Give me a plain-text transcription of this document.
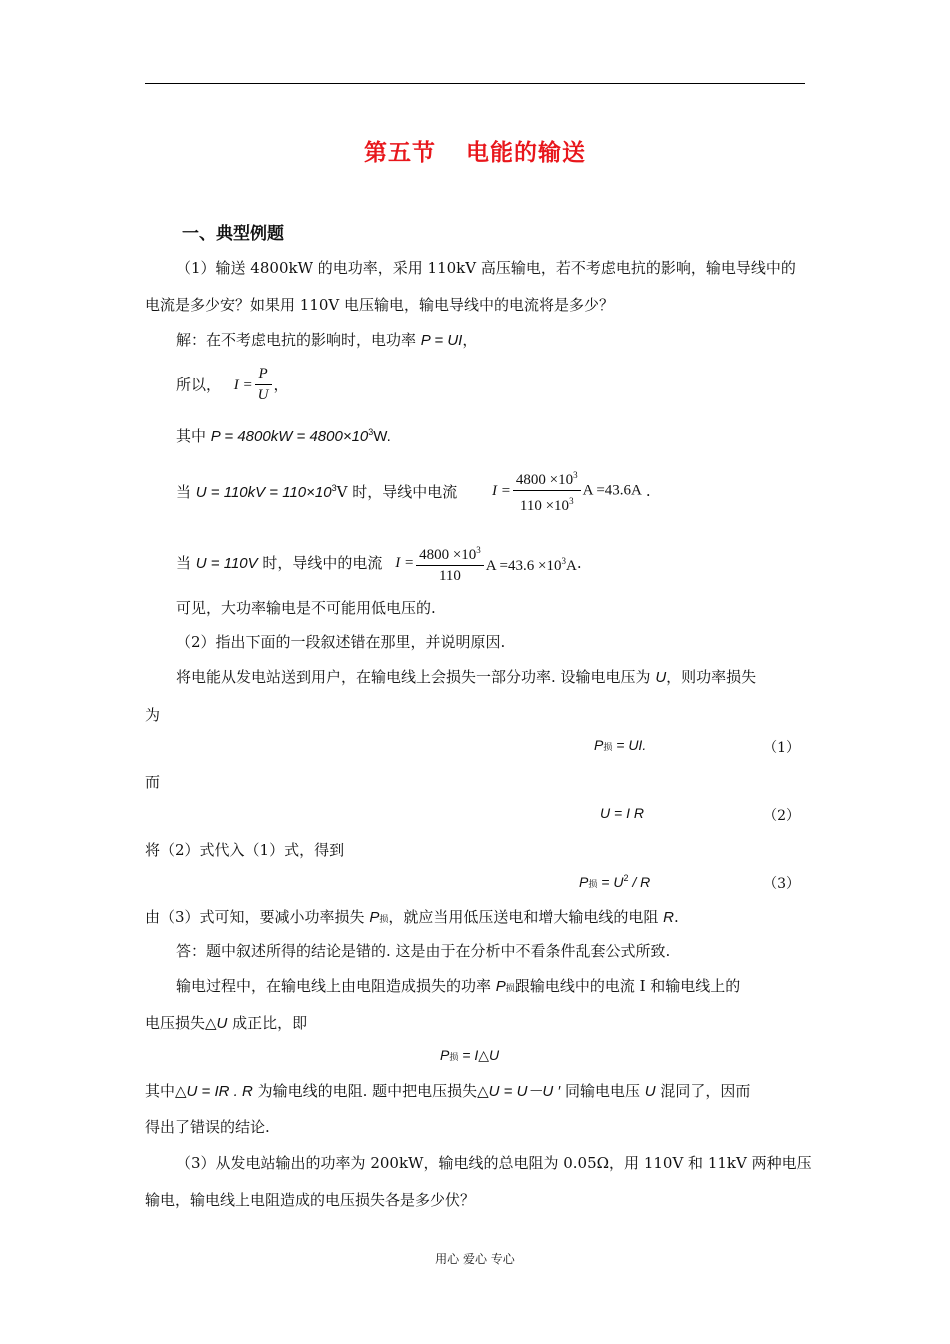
第五节 电能的输送
一、典型例题
（1）输送 4800kW 的电功率，采用 110kV 高压输电，若不考虑电抗的影响，输电导线中的
电流是多少安？如果用 110V 电压输电，输电导线中的电流将是多少？
解：在不考虑电抗的影响时，电功率 P = UI，
所以， $I = \frac{P}{U}$ ，
其中 $P = 4800kW = 4800\times 10^3W$.
当 $U = 110kV = 110\times 10^3V$ 时，导线中电流 $I = \frac{4800 \times 10^3}{110 \times 10^3}$ A =43.6A .
当 U = 110V 时，导线中的电流 $I = \frac{4800 \times 10^3}{110}$ $A =43.6 \times 10^3A$.
可见，大功率输电是不可能用低电压的.
（2）指出下面的一段叙述错在那里，并说明原因.
将电能从发电站送到用户，在输电线上会损失一部分功率. 设输电电压为 U，则功率损失
为
P损 = UI.	（1）
而
U = I R	（2）
将（2）式代入（1）式，得到
P损 = $U^2$ / R	（3）
由（3）式可知，要减小功率损失 P损，就应当用低压送电和增大输电线的电阻 R.
答：题中叙述所得的结论是错的. 这是由于在分析中不看条件乱套公式所致.
输电过程中，在输电线上由电阻造成损失的功率 P损跟输电线中的电流 I 和输电线上的
电压损失△U 成正比，即
P损 = I△U
其中△U = IR . R 为输电线的电阻. 题中把电压损失△U = U－U ′ 同输电电压 U 混同了，因而
得出了错误的结论.
（3）从发电站输出的功率为 200kW，输电线的总电阻为 0.05Ω，用 110V 和 11kV 两种电压
输电，输电线上电阻造成的电压损失各是多少伏？
用心 爱心 专心
